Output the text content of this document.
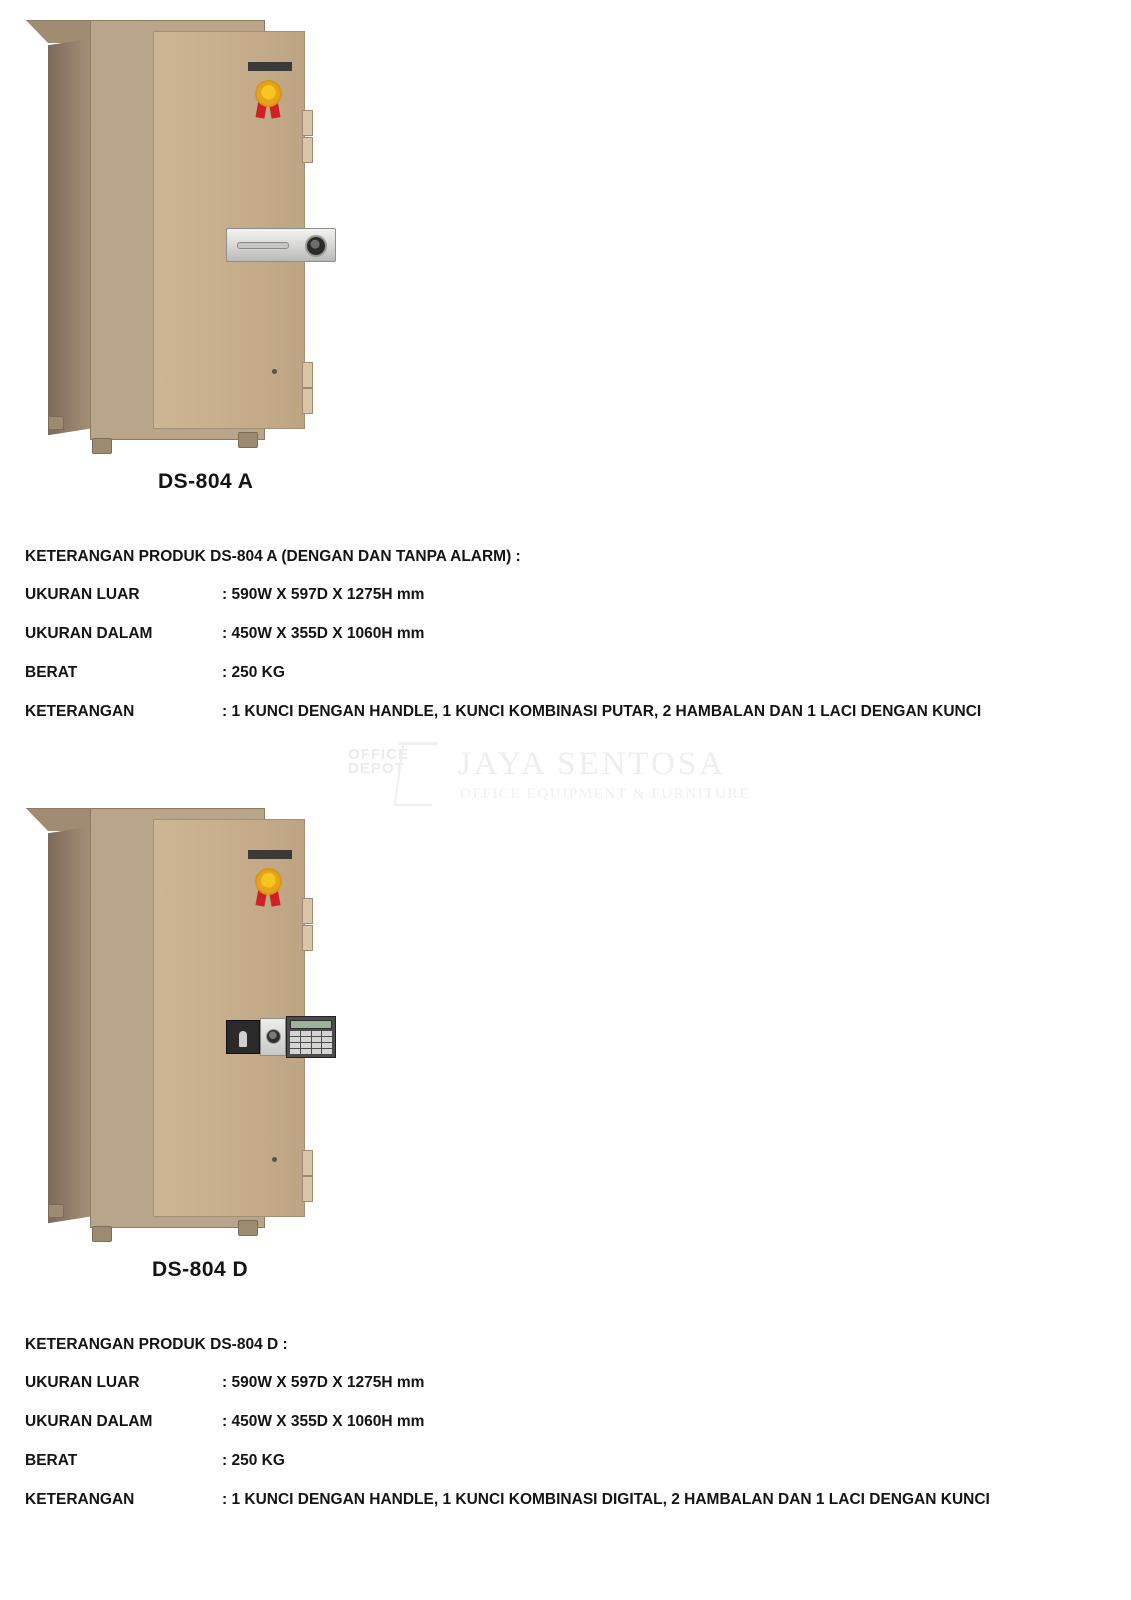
DS-804 A
KETERANGAN PRODUK DS-804 A (DENGAN DAN TANPA ALARM) :
UKURAN LUAR	: 590W X 597D X 1275H mm
UKURAN DALAM	: 450W X 355D X 1060H mm
BERAT	: 250 KG
KETERANGAN	: 1 KUNCI DENGAN HANDLE, 1 KUNCI KOMBINASI PUTAR, 2 HAMBALAN DAN 1 LACI DENGAN KUNCI
OFFICE
DEPOT JAYA SENTOSA
OFFICE EQUIPMENT & FURNITURE
DS-804 D
KETERANGAN PRODUK DS-804 D :
UKURAN LUAR	: 590W X 597D X 1275H mm
UKURAN DALAM	: 450W X 355D X 1060H mm
BERAT	: 250 KG
KETERANGAN	: 1 KUNCI DENGAN HANDLE, 1 KUNCI KOMBINASI DIGITAL, 2 HAMBALAN DAN 1 LACI DENGAN KUNCI
